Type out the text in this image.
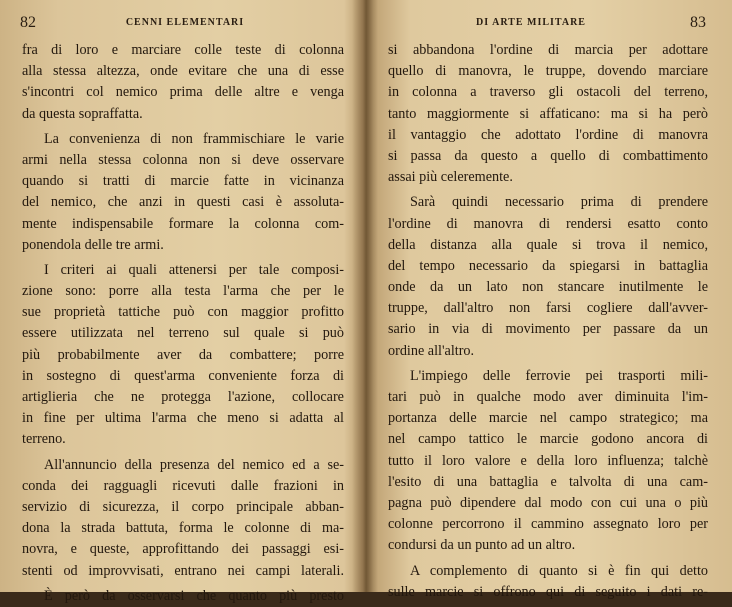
82	CENNI ELEMENTARI
fra di loro e marciare colle teste di colonna
alla stessa altezza, onde evitare che una di esse
s'incontri col nemico prima delle altre e venga
da questa sopraffatta.
La convenienza di non frammischiare le varie
armi nella stessa colonna non si deve osservare
quando si tratti di marcie fatte in vicinanza
del nemico, che anzi in questi casi è assoluta-
mente indispensabile formare la colonna com-
ponendola delle tre armi.
I criteri ai quali attenersi per tale composi-
zione sono: porre alla testa l'arma che per le
sue proprietà tattiche può con maggior profitto
essere utilizzata nel terreno sul quale si può
più probabilmente aver da combattere; porre
in sostegno di quest'arma conveniente forza di
artiglieria che ne protegga l'azione, collocare
in fine per ultima l'arma che meno si adatta al
terreno.
All'annuncio della presenza del nemico ed a se-
conda dei ragguagli ricevuti dalle frazioni in
servizio di sicurezza, il corpo principale abban-
dona la strada battuta, forma le colonne di ma-
novra, e queste, approfittando dei passaggi esi-
stenti od improvvisati, entrano nei campi laterali.
È però da osservarsi che quanto più presto
DI ARTE MILITARE	83
si abbandona l'ordine di marcia per adottare
quello di manovra, le truppe, dovendo marciare
in colonna a traverso gli ostacoli del terreno,
tanto maggiormente si affaticano: ma si ha però
il vantaggio che adottato l'ordine di manovra
si passa da questo a quello di combattimento
assai più celeremente.
Sarà quindi necessario prima di prendere
l'ordine di manovra di rendersi esatto conto
della distanza alla quale si trova il nemico,
del tempo necessario da spiegarsi in battaglia
onde da un lato non stancare inutilmente le
truppe, dall'altro non farsi cogliere dall'avver-
sario in via di movimento per passare da un
ordine all'altro.
L'impiego delle ferrovie pei trasporti mili-
tari può in qualche modo aver diminuita l'im-
portanza delle marcie nel campo strategico; ma
nel campo tattico le marcie godono ancora di
tutto il loro valore e della loro influenza; talchè
l'esito di una battaglia e talvolta di una cam-
pagna può dipendere dal modo con cui una o più
colonne percorrono il cammino assegnato loro per
condursi da un punto ad un altro.
A complemento di quanto si è fin qui detto
sulle marcie si offrono qui di seguito i dati re-
